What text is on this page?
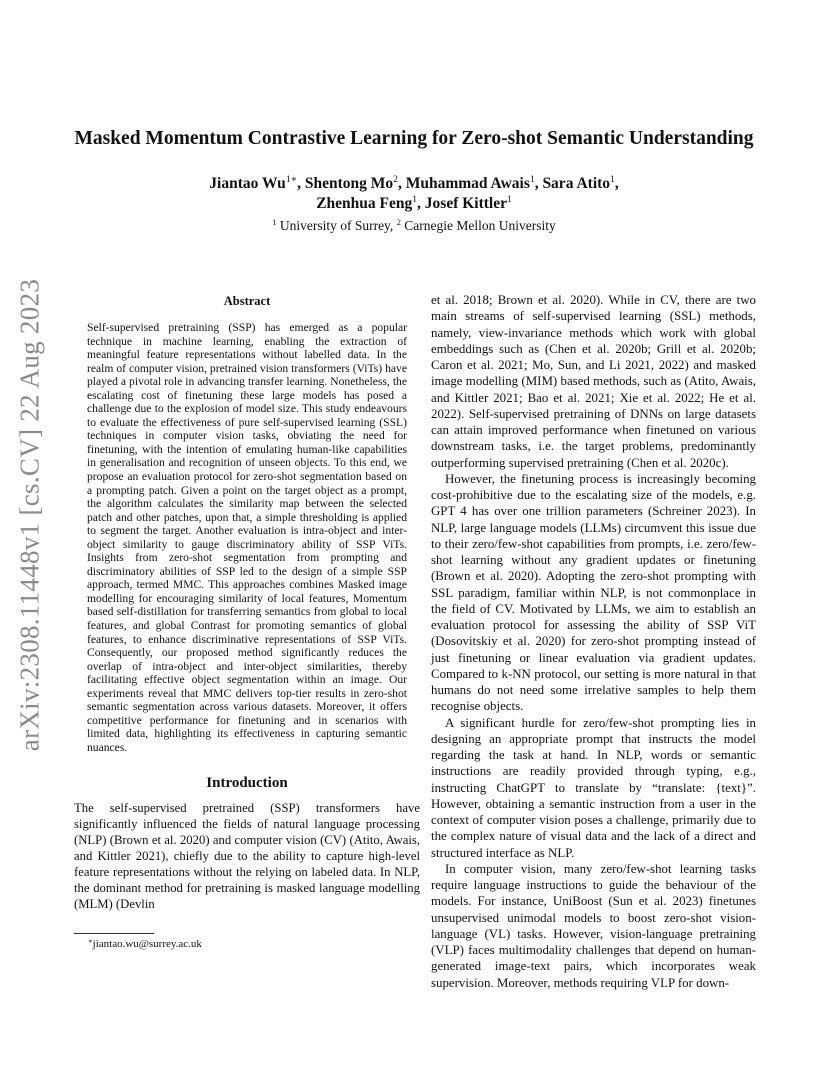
arXiv:2308.11448v1 [cs.CV] 22 Aug 2023
Masked Momentum Contrastive Learning for Zero-shot Semantic Understanding
Jiantao $Wu^{1∗}$, Shentong Mo$^2$, Muhammad Awais$^1$, Sara Atito$^1$,
Zhenhua Feng$^1$, Josef Kittler$^1$
$^1$ University of Surrey, $^2$ Carnegie Mellon University
Abstract

Self-supervised pretraining (SSP) has emerged as a popular technique in machine learning, enabling the extraction of meaningful feature representations without labelled data. In the realm of computer vision, pretrained vision transformers (ViTs) have played a pivotal role in advancing transfer learning. Nonetheless, the escalating cost of finetuning these large models has posed a challenge due to the explosion of model size. This study endeavours to evaluate the effectiveness of pure self-supervised learning (SSL) techniques in computer vision tasks, obviating the need for finetuning, with the intention of emulating human-like capabilities in generalisation and recognition of unseen objects. To this end, we propose an evaluation protocol for zero-shot segmentation based on a prompting patch. Given a point on the target object as a prompt, the algorithm calculates the similarity map between the selected patch and other patches, upon that, a simple thresholding is applied to segment the target. Another evaluation is intra-object and inter-object similarity to gauge discriminatory ability of SSP ViTs. Insights from zero-shot segmentation from prompting and discriminatory abilities of SSP led to the design of a simple SSP approach, termed MMC. This approaches combines Masked image modelling for encouraging similarity of local features, Momentum based self-distillation for transferring semantics from global to local features, and global Contrast for promoting semantics of global features, to enhance discriminative representations of SSP ViTs. Consequently, our proposed method significantly reduces the overlap of intra-object and inter-object similarities, thereby facilitating effective object segmentation within an image. Our experiments reveal that MMC delivers top-tier results in zero-shot semantic segmentation across various datasets. Moreover, it offers competitive performance for finetuning and in scenarios with limited data, highlighting its effectiveness in capturing semantic nuances.

Introduction

The self-supervised pretrained (SSP) transformers have significantly influenced the fields of natural language processing (NLP) (Brown et al. 2020) and computer vision (CV) (Atito, Awais, and Kittler 2021), chiefly due to the ability to capture high-level feature representations without the relying on labeled data. In NLP, the dominant method for pretraining is masked language modelling (MLM) (Devlin

et al. 2018; Brown et al. 2020). While in CV, there are two main streams of self-supervised learning (SSL) methods, namely, view-invariance methods which work with global embeddings such as (Chen et al. 2020b; Grill et al. 2020b; Caron et al. 2021; Mo, Sun, and Li 2021, 2022) and masked image modelling (MIM) based methods, such as (Atito, Awais, and Kittler 2021; Bao et al. 2021; Xie et al. 2022; He et al. 2022). Self-supervised pretraining of DNNs on large datasets can attain improved performance when finetuned on various downstream tasks, i.e. the target problems, predominantly outperforming supervised pretraining (Chen et al. 2020c).

However, the finetuning process is increasingly becoming cost-prohibitive due to the escalating size of the models, e.g. GPT 4 has over one trillion parameters (Schreiner 2023). In NLP, large language models (LLMs) circumvent this issue due to their zero/few-shot capabilities from prompts, i.e. zero/few-shot learning without any gradient updates or finetuning (Brown et al. 2020). Adopting the zero-shot prompting with SSL paradigm, familiar within NLP, is not commonplace in the field of CV. Motivated by LLMs, we aim to establish an evaluation protocol for assessing the ability of SSP ViT (Dosovitskiy et al. 2020) for zero-shot prompting instead of just finetuning or linear evaluation via gradient updates. Compared to k-NN protocol, our setting is more natural in that humans do not need some irrelative samples to help them recognise objects.

A significant hurdle for zero/few-shot prompting lies in designing an appropriate prompt that instructs the model regarding the task at hand. In NLP, words or semantic instructions are readily provided through typing, e.g., instructing ChatGPT to translate by “translate: {text}”. However, obtaining a semantic instruction from a user in the context of computer vision poses a challenge, primarily due to the complex nature of visual data and the lack of a direct and structured interface as NLP.

In computer vision, many zero/few-shot learning tasks require language instructions to guide the behaviour of the models. For instance, UniBoost (Sun et al. 2023) finetunes unsupervised unimodal models to boost zero-shot vision-language (VL) tasks. However, vision-language pretraining (VLP) faces multimodality challenges that depend on human-generated image-text pairs, which incorporates weak supervision. Moreover, methods requiring VLP for down-

∗jiantao.wu@surrey.ac.uk
